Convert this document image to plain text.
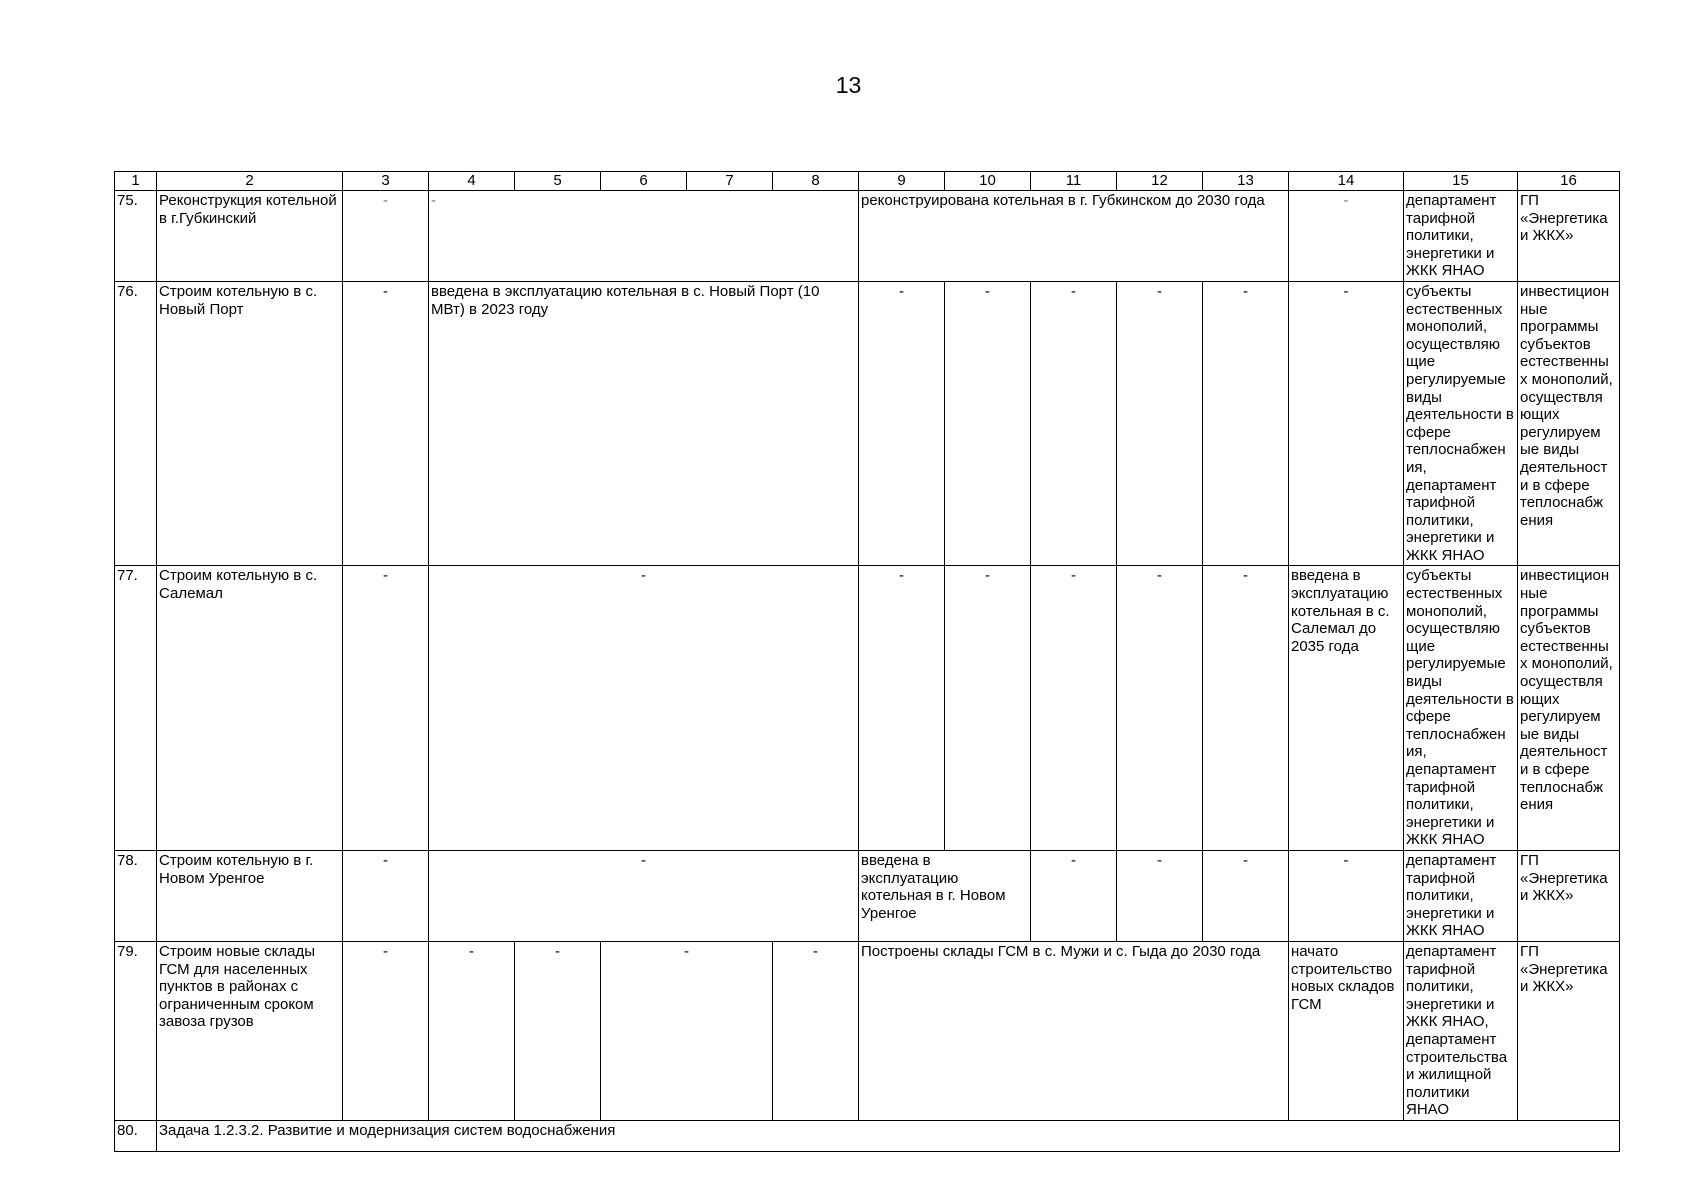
13
1	2	3	4	5	6	7	8	9	10	11	12	13	14	15	16
75.	Реконструкция котельной в г.Губкинский	-	-					реконструирована котельная в г. Губкинском до 2030 года					-	департамент тарифной политики, энергетики и ЖКК ЯНАО	ГП «Энергетика и ЖКХ»
76.	Строим котельную в с. Новый Порт	-	введена в эксплуатацию котельная в с. Новый Порт (10 МВт) в 2023 году					-	-	-	-	-	-	субъекты естественных монополий, осуществляю щие регулируемые виды деятельности в сфере теплоснабжен ия, департамент тарифной политики, энергетики и ЖКК ЯНАО	инвестицион ные программы субъектов естественны х монополий, осуществля ющих регулируем ые виды деятельност и в сфере теплоснабж ения
77.	Строим котельную в с. Салемал	-	-					-	-	-	-	-	введена в эксплуатацию котельная в с. Салемал до 2035 года	субъекты естественных монополий, осуществляю щие регулируемые виды деятельности в сфере теплоснабжен ия, департамент тарифной политики, энергетики и ЖКК ЯНАО	инвестицион ные программы субъектов естественны х монополий, осуществля ющих регулируем ые виды деятельност и в сфере теплоснабж ения
78.	Строим котельную в г. Новом Уренгое	-	-					введена в эксплуатацию котельная в г. Новом Уренгое		-	-	-	-	департамент тарифной политики, энергетики и ЖКК ЯНАО	ГП «Энергетика и ЖКХ»
79.	Строим новые склады ГСМ для населенных пунктов в районах с ограниченным сроком завоза грузов	-	-	-	-		-	Построены склады ГСМ в с. Мужи и с. Гыда до 2030 года					начато строительство новых складов ГСМ	департамент тарифной политики, энергетики и ЖКК ЯНАО, департамент строительства и жилищной политики ЯНАО	ГП «Энергетика и ЖКХ»
80.	Задача 1.2.3.2. Развитие и модернизация систем водоснабжения														
